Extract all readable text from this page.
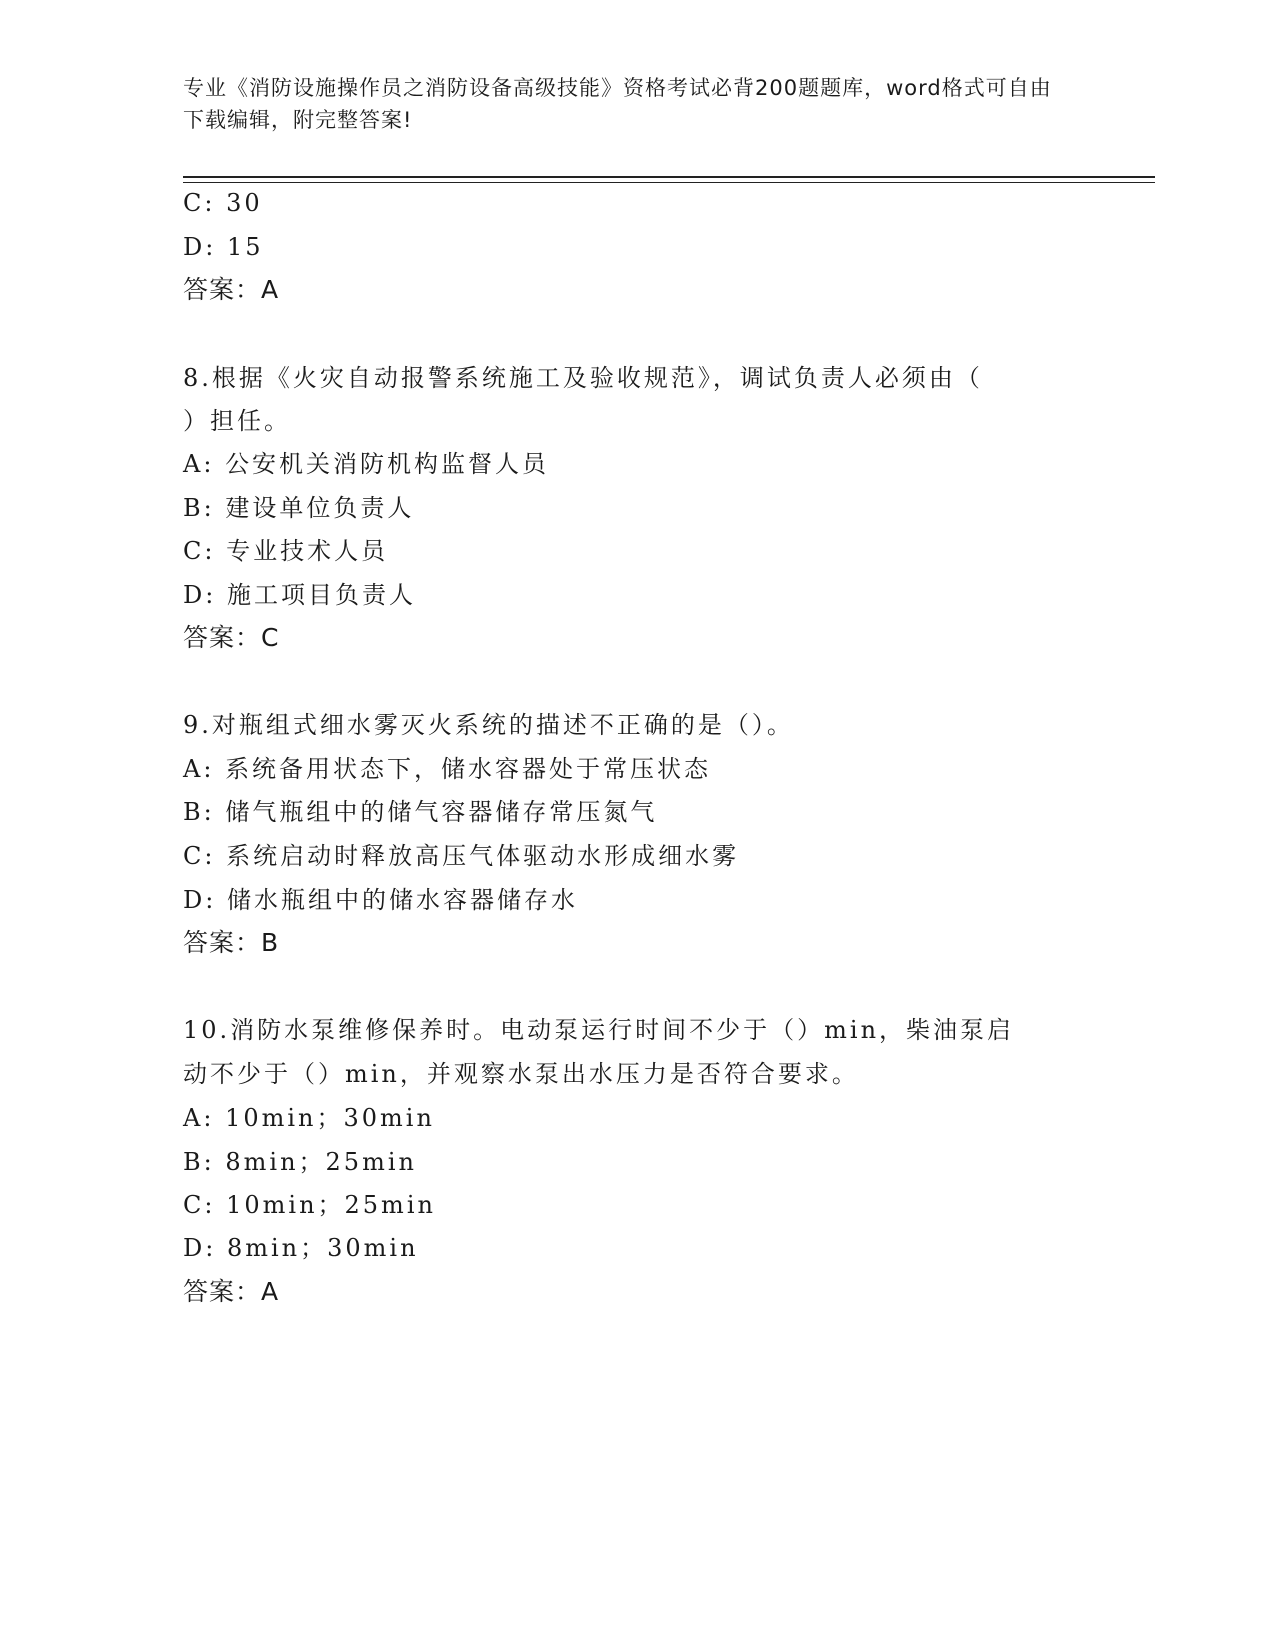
专业《消防设施操作员之消防设备高级技能》资格考试必背200题题库，word格式可自由下载编辑，附完整答案!
C: 30
D: 15
答案：A
8.根据《火灾自动报警系统施工及验收规范》，调试负责人必须由（
）担任。
A: 公安机关消防机构监督人员
B: 建设单位负责人
C: 专业技术人员
D: 施工项目负责人
答案：C
9.对瓶组式细水雾灭火系统的描述不正确的是（）。
A: 系统备用状态下，储水容器处于常压状态
B: 储气瓶组中的储气容器储存常压氮气
C: 系统启动时释放高压气体驱动水形成细水雾
D: 储水瓶组中的储水容器储存水
答案：B
10.消防水泵维修保养时。电动泵运行时间不少于（）min，柴油泵启
动不少于（）min，并观察水泵出水压力是否符合要求。
A: 10min；30min
B: 8min；25min
C: 10min；25min
D: 8min；30min
答案：A
